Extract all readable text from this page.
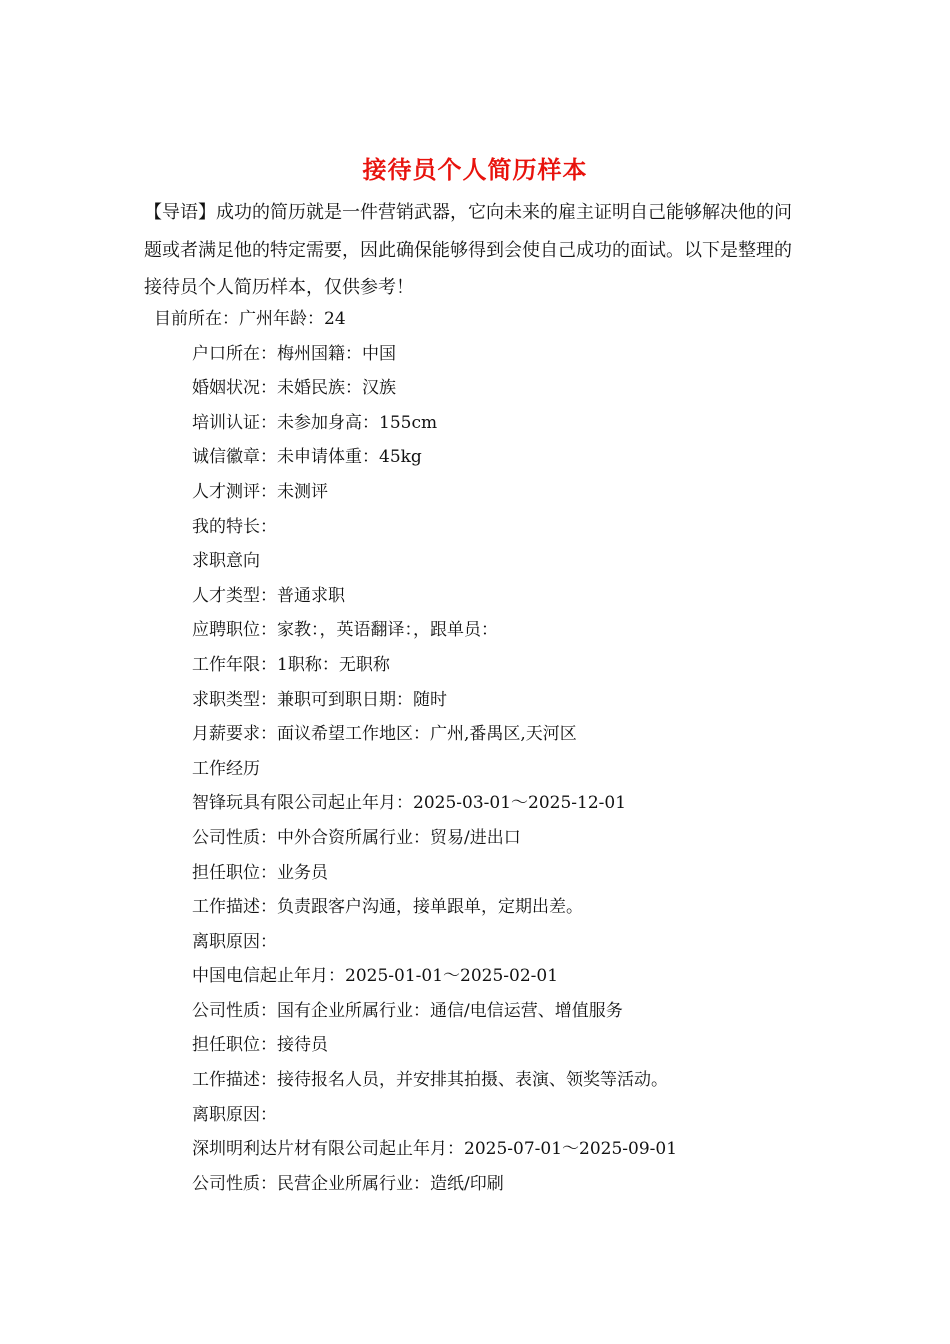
接待员个人简历样本

【导语】成功的简历就是一件营销武器，它向未来的雇主证明自己能够解决他的问题或者满足他的特定需要，因此确保能够得到会使自己成功的面试。以下是整理的接待员个人简历样本，仅供参考！

目前所在：广州年龄：24
户口所在：梅州国籍：中国
婚姻状况：未婚民族：汉族
培训认证：未参加身高：155cm
诚信徽章：未申请体重：45kg
人才测评：未测评
我的特长：
求职意向
人才类型：普通求职
应聘职位：家教：，英语翻译：，跟单员：
工作年限：1职称：无职称
求职类型：兼职可到职日期：随时
月薪要求：面议希望工作地区：广州,番禺区,天河区
工作经历
智锋玩具有限公司起止年月：2025-03-01～2025-12-01
公司性质：中外合资所属行业：贸易/进出口
担任职位：业务员
工作描述：负责跟客户沟通，接单跟单，定期出差。
离职原因：
中国电信起止年月：2025-01-01～2025-02-01
公司性质：国有企业所属行业：通信/电信运营、增值服务
担任职位：接待员
工作描述：接待报名人员，并安排其拍摄、表演、领奖等活动。
离职原因：
深圳明利达片材有限公司起止年月：2025-07-01～2025-09-01
公司性质：民营企业所属行业：造纸/印刷
